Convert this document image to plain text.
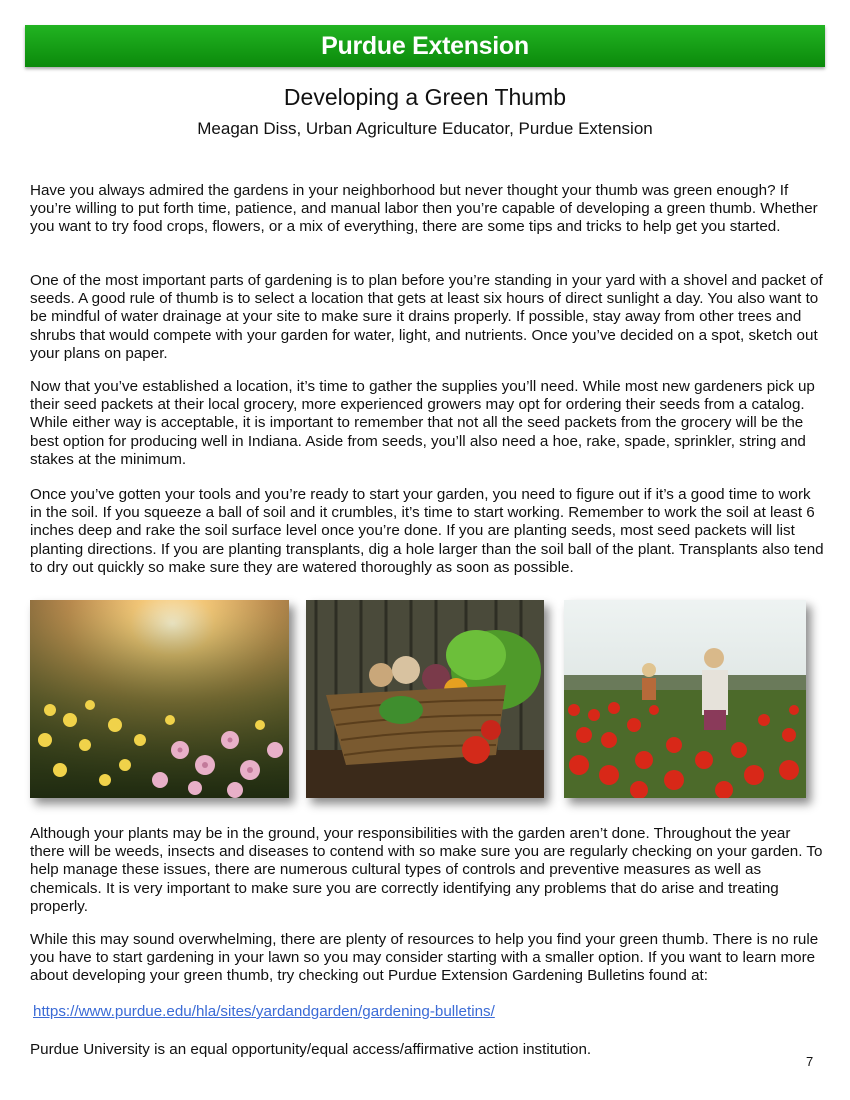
Purdue Extension
Developing a Green Thumb
Meagan Diss, Urban Agriculture Educator, Purdue Extension

Have you always admired the gardens in your neighborhood but never thought your thumb was green enough? If you’re willing to put forth time, patience, and manual labor then you’re capable of developing a green thumb. Whether you want to try food crops, flowers, or a mix of everything, there are some tips and tricks to help get you started.

One of the most important parts of gardening is to plan before you’re standing in your yard with a shovel and packet of seeds. A good rule of thumb is to select a location that gets at least six hours of direct sunlight a day. You also want to be mindful of water drainage at your site to make sure it drains properly. If possible, stay away from other trees and shrubs that would compete with your garden for water, light, and nutrients. Once you’ve decided on a spot, sketch out your plans on paper.

Now that you’ve established a location, it’s time to gather the supplies you’ll need. While most new gardeners pick up their seed packets at their local grocery, more experienced growers may opt for ordering their seeds from a catalog. While either way is acceptable, it is important to remember that not all the seed packets from the grocery will be the best option for producing well in Indiana. Aside from seeds, you’ll also need a hoe, rake, spade, sprinkler, string and stakes at the minimum.

Once you’ve gotten your tools and you’re ready to start your garden, you need to figure out if it’s a good time to work in the soil. If you squeeze a ball of soil and it crumbles, it’s time to start working. Remember to work the soil at least 6 inches deep and rake the soil surface level once you’re done. If you are planting seeds, most seed packets will list planting directions. If you are planting transplants, dig a hole larger than the soil ball of the plant. Transplants also tend to dry out quickly so make sure they are watered thoroughly as soon as possible.

Although your plants may be in the ground, your responsibilities with the garden aren’t done. Throughout the year there will be weeds, insects and diseases to contend with so make sure you are regularly checking on your garden. To help manage these issues, there are numerous cultural types of controls and preventive measures as well as chemicals. It is very important to make sure you are correctly identifying any problems that do arise and treating properly.

While this may sound overwhelming, there are plenty of resources to help you find your green thumb. There is no rule you have to start gardening in your lawn so you may consider starting with a smaller option. If you want to learn more about developing your green thumb, try checking out Purdue Extension Gardening Bulletins found at:

https://www.purdue.edu/hla/sites/yardandgarden/gardening-bulletins/
Purdue University is an equal opportunity/equal access/affirmative action institution.
7
